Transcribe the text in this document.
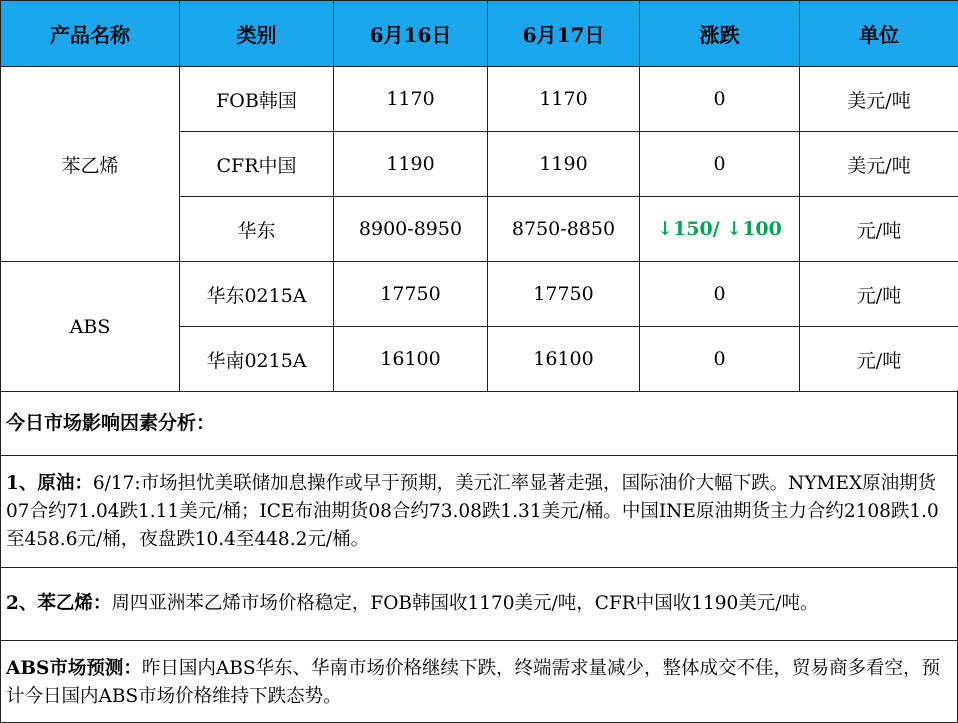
产品名称	类别	6月16日	6月17日	涨跌	单位
苯乙烯	FOB韩国	1170	1170	0	美元/吨
	CFR中国	1190	1190	0	美元/吨
	华东	8900-8950	8750-8850	↓150/ ↓100	元/吨
ABS	华东0215A	17750	17750	0	元/吨
	华南0215A	16100	16100	0	元/吨
今日市场影响因素分析：
1、原油：6/17:市场担忧美联储加息操作或早于预期，美元汇率显著走强，国际油价大幅下跌。NYMEX原油期货07合约71.04跌1.11美元/桶；ICE布油期货08合约73.08跌1.31美元/桶。中国INE原油期货主力合约2108跌1.0至458.6元/桶，夜盘跌10.4至448.2元/桶。
2、苯乙烯：周四亚洲苯乙烯市场价格稳定，FOB韩国收1170美元/吨，CFR中国收1190美元/吨。
ABS市场预测：昨日国内ABS华东、华南市场价格继续下跌，终端需求量减少，整体成交不佳，贸易商多看空，预计今日国内ABS市场价格维持下跌态势。
